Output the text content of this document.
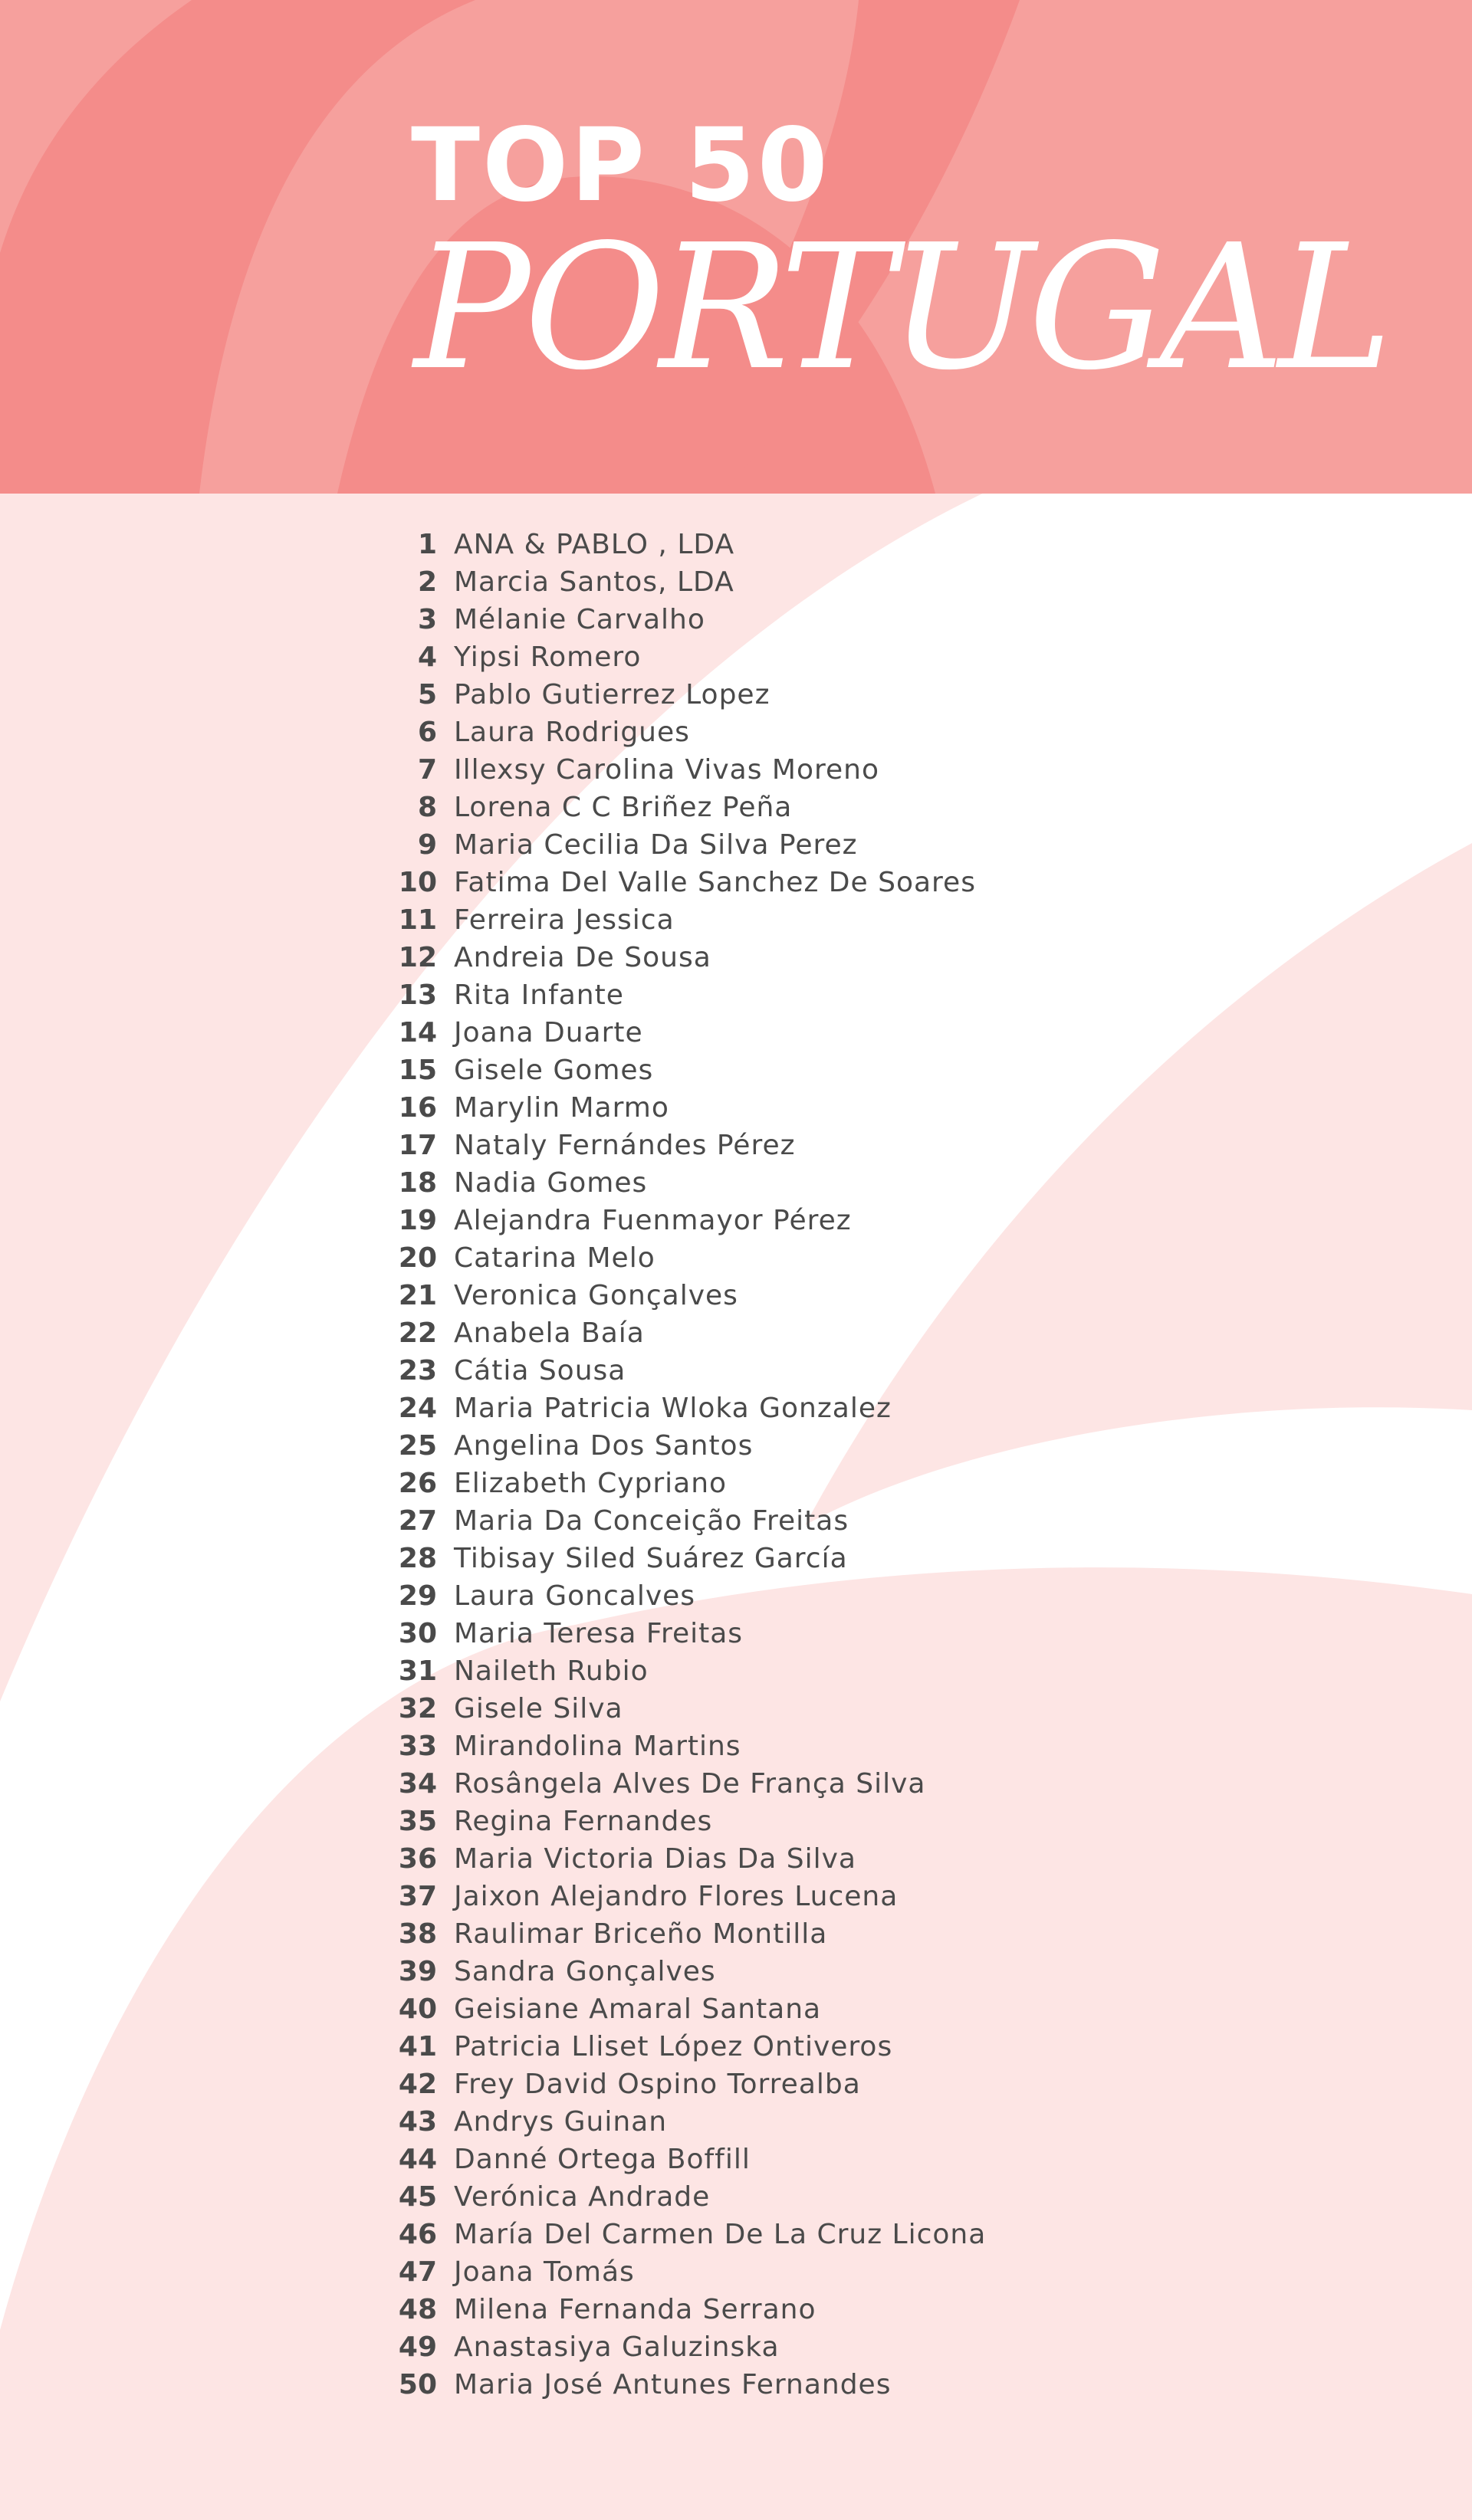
TOP 50
PORTUGAL
1 ANA & PABLO , LDA
2 Marcia Santos, LDA
3 Mélanie Carvalho
4 Yipsi Romero
5 Pablo Gutierrez Lopez
6 Laura Rodrigues
7 Illexsy Carolina Vivas Moreno
8 Lorena C C Briñez Peña
9 Maria Cecilia Da Silva Perez
10 Fatima Del Valle Sanchez De Soares
11 Ferreira Jessica
12 Andreia De Sousa
13 Rita Infante
14 Joana Duarte
15 Gisele Gomes
16 Marylin Marmo
17 Nataly Fernándes Pérez
18 Nadia Gomes
19 Alejandra Fuenmayor Pérez
20 Catarina Melo
21 Veronica Gonçalves
22 Anabela Baía
23 Cátia Sousa
24 Maria Patricia Wloka Gonzalez
25 Angelina Dos Santos
26 Elizabeth Cypriano
27 Maria Da Conceição Freitas
28 Tibisay Siled Suárez García
29 Laura Goncalves
30 Maria Teresa Freitas
31 Naileth Rubio
32 Gisele Silva
33 Mirandolina Martins
34 Rosângela Alves De França Silva
35 Regina Fernandes
36 Maria Victoria Dias Da Silva
37 Jaixon Alejandro Flores Lucena
38 Raulimar Briceño Montilla
39 Sandra Gonçalves
40 Geisiane Amaral Santana
41 Patricia Lliset López Ontiveros
42 Frey David Ospino Torrealba
43 Andrys Guinan
44 Danné Ortega Boffill
45 Verónica Andrade
46 María Del Carmen De La Cruz Licona
47 Joana Tomás
48 Milena Fernanda Serrano
49 Anastasiya Galuzinska
50 Maria José Antunes Fernandes
